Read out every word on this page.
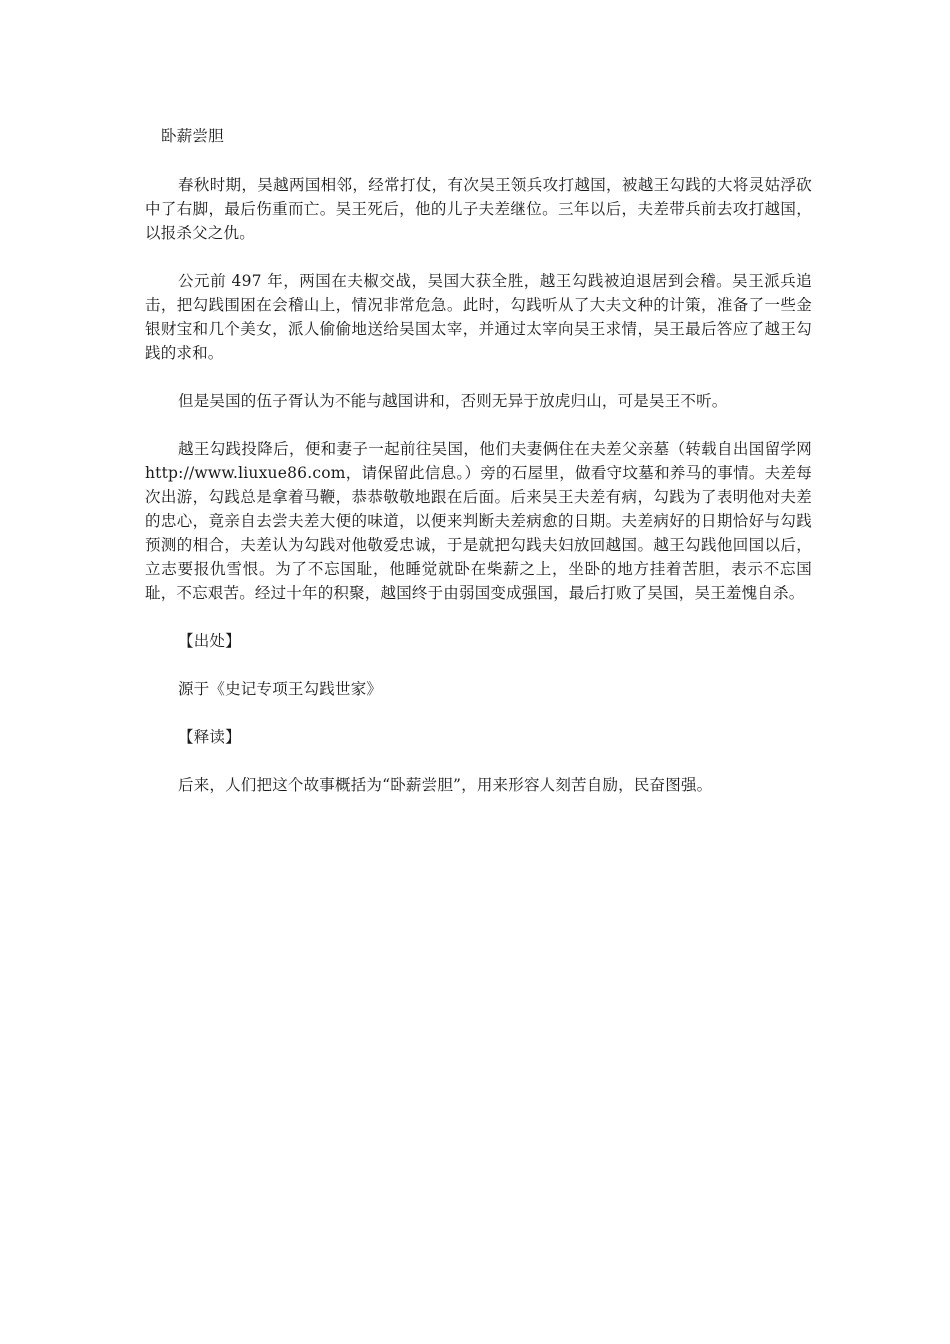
卧薪尝胆

春秋时期，吴越两国相邻，经常打仗，有次吴王领兵攻打越国，被越王勾践的大将灵姑浮砍中了右脚，最后伤重而亡。吴王死后，他的儿子夫差继位。三年以后，夫差带兵前去攻打越国，以报杀父之仇。

公元前 497 年，两国在夫椒交战，吴国大获全胜，越王勾践被迫退居到会稽。吴王派兵追击，把勾践围困在会稽山上，情况非常危急。此时，勾践听从了大夫文种的计策，准备了一些金银财宝和几个美女，派人偷偷地送给吴国太宰，并通过太宰向吴王求情，吴王最后答应了越王勾践的求和。

但是吴国的伍子胥认为不能与越国讲和，否则无异于放虎归山，可是吴王不听。

越王勾践投降后，便和妻子一起前往吴国，他们夫妻俩住在夫差父亲墓（转载自出国留学网 http://www.liuxue86.com，请保留此信息。）旁的石屋里，做看守坟墓和养马的事情。夫差每次出游，勾践总是拿着马鞭，恭恭敬敬地跟在后面。后来吴王夫差有病，勾践为了表明他对夫差的忠心，竟亲自去尝夫差大便的味道，以便来判断夫差病愈的日期。夫差病好的日期恰好与勾践预测的相合，夫差认为勾践对他敬爱忠诚，于是就把勾践夫妇放回越国。越王勾践他回国以后，立志要报仇雪恨。为了不忘国耻，他睡觉就卧在柴薪之上，坐卧的地方挂着苦胆，表示不忘国耻，不忘艰苦。经过十年的积聚，越国终于由弱国变成强国，最后打败了吴国，吴王羞愧自杀。

【出处】

源于《史记专项王勾践世家》

【释读】

后来，人们把这个故事概括为“卧薪尝胆”，用来形容人刻苦自励，民奋图强。
